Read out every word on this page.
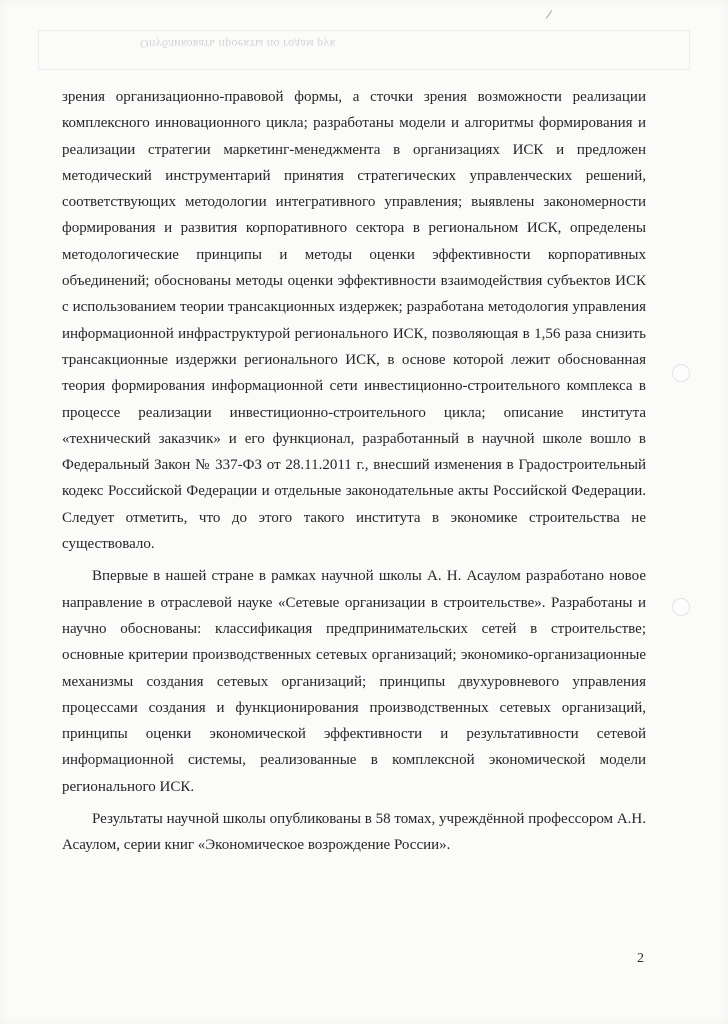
Опубликовать проекты по годам рук

зрения организационно-правовой формы, а сточки зрения возможности реализации комплексного инновационного цикла; разработаны модели и алгоритмы формирования и реализации стратегии маркетинг-менеджмента в организациях ИСК и предложен методический инструментарий принятия стратегических управленческих решений, соответствующих методологии интегративного управления; выявлены закономерности формирования и развития корпоративного сектора в региональном ИСК, определены методологические принципы и методы оценки эффективности корпоративных объединений; обоснованы методы оценки эффективности взаимодействия субъектов ИСК с использованием теории трансакционных издержек; разработана методология управления информационной инфраструктурой регионального ИСК, позволяющая в 1,56 раза снизить трансакционные издержки регионального ИСК, в основе которой лежит обоснованная теория формирования информационной сети инвестиционно-строительного комплекса в процессе реализации инвестиционно-строительного цикла; описание института «технический заказчик» и его функционал, разработанный в научной школе вошло в Федеральный Закон № 337-ФЗ от 28.11.2011 г., внесший изменения в Градостроительный кодекс Российской Федерации и отдельные законодательные акты Российской Федерации. Следует отметить, что до этого такого института в экономике строительства не существовало.

Впервые в нашей стране в рамках научной школы А. Н. Асаулом разработано новое направление в отраслевой науке «Сетевые организации в строительстве». Разработаны и научно обоснованы: классификация предпринимательских сетей в строительстве; основные критерии производственных сетевых организаций; экономико-организационные механизмы создания сетевых организаций; принципы двухуровневого управления процессами создания и функционирования производственных сетевых организаций, принципы оценки экономической эффективности и результативности сетевой информационной системы, реализованные в комплексной экономической модели регионального ИСК.

Результаты научной школы опубликованы в 58 томах, учреждённой профессором А.Н. Асаулом, серии книг «Экономическое возрождение России».

2
